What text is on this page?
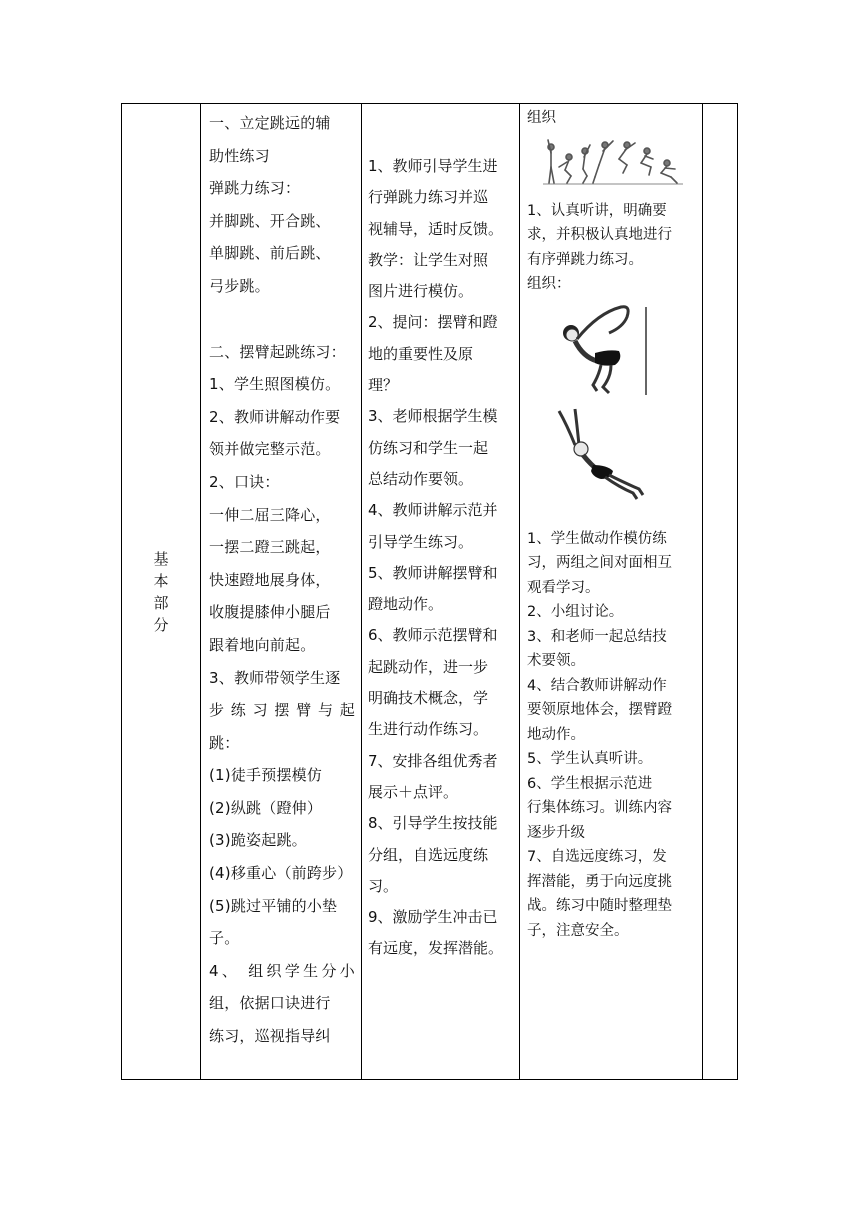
基
本
部
分
一、立定跳远的辅
助性练习
弹跳力练习：
并脚跳、开合跳、
单脚跳、前后跳、
弓步跳。
二、摆臂起跳练习：
1、学生照图模仿。
2、教师讲解动作要
领并做完整示范。
2、口诀：
一伸二屈三降心，
一摆二蹬三跳起，
快速蹬地展身体，
收腹提膝伸小腿后
跟着地向前起。
3、教师带领学生逐
步 练 习 摆 臂 与 起
跳：
(1)徒手预摆模仿
(2)纵跳（蹬伸）
(3)跪姿起跳。
(4)移重心（前跨步）
(5)跳过平铺的小垫
子。
4、 组织学生分小
组，依据口诀进行
练习，巡视指导纠
1、教师引导学生进
行弹跳力练习并巡
视辅导，适时反馈。
教学：让学生对照
图片进行模仿。
2、提问：摆臂和蹬
地的重要性及原
理？
3、老师根据学生模
仿练习和学生一起
总结动作要领。
4、教师讲解示范并
引导学生练习。
5、教师讲解摆臂和
蹬地动作。
6、教师示范摆臂和
起跳动作，进一步
明确技术概念，学
生进行动作练习。
7、安排各组优秀者
展示＋点评。
8、引导学生按技能
分组，自选远度练
习。
9、激励学生冲击已
有远度，发挥潜能。
组织
1、认真听讲，明确要
求，并积极认真地进行
有序弹跳力练习。
组织：
1、学生做动作模仿练
习，两组之间对面相互
观看学习。
2、小组讨论。
3、和老师一起总结技
术要领。
4、结合教师讲解动作
要领原地体会，摆臂蹬
地动作。
5、学生认真听讲。
6、学生根据示范进
行集体练习。训练内容
逐步升级
7、自选远度练习，发
挥潜能，勇于向远度挑
战。练习中随时整理垫
子，注意安全。
